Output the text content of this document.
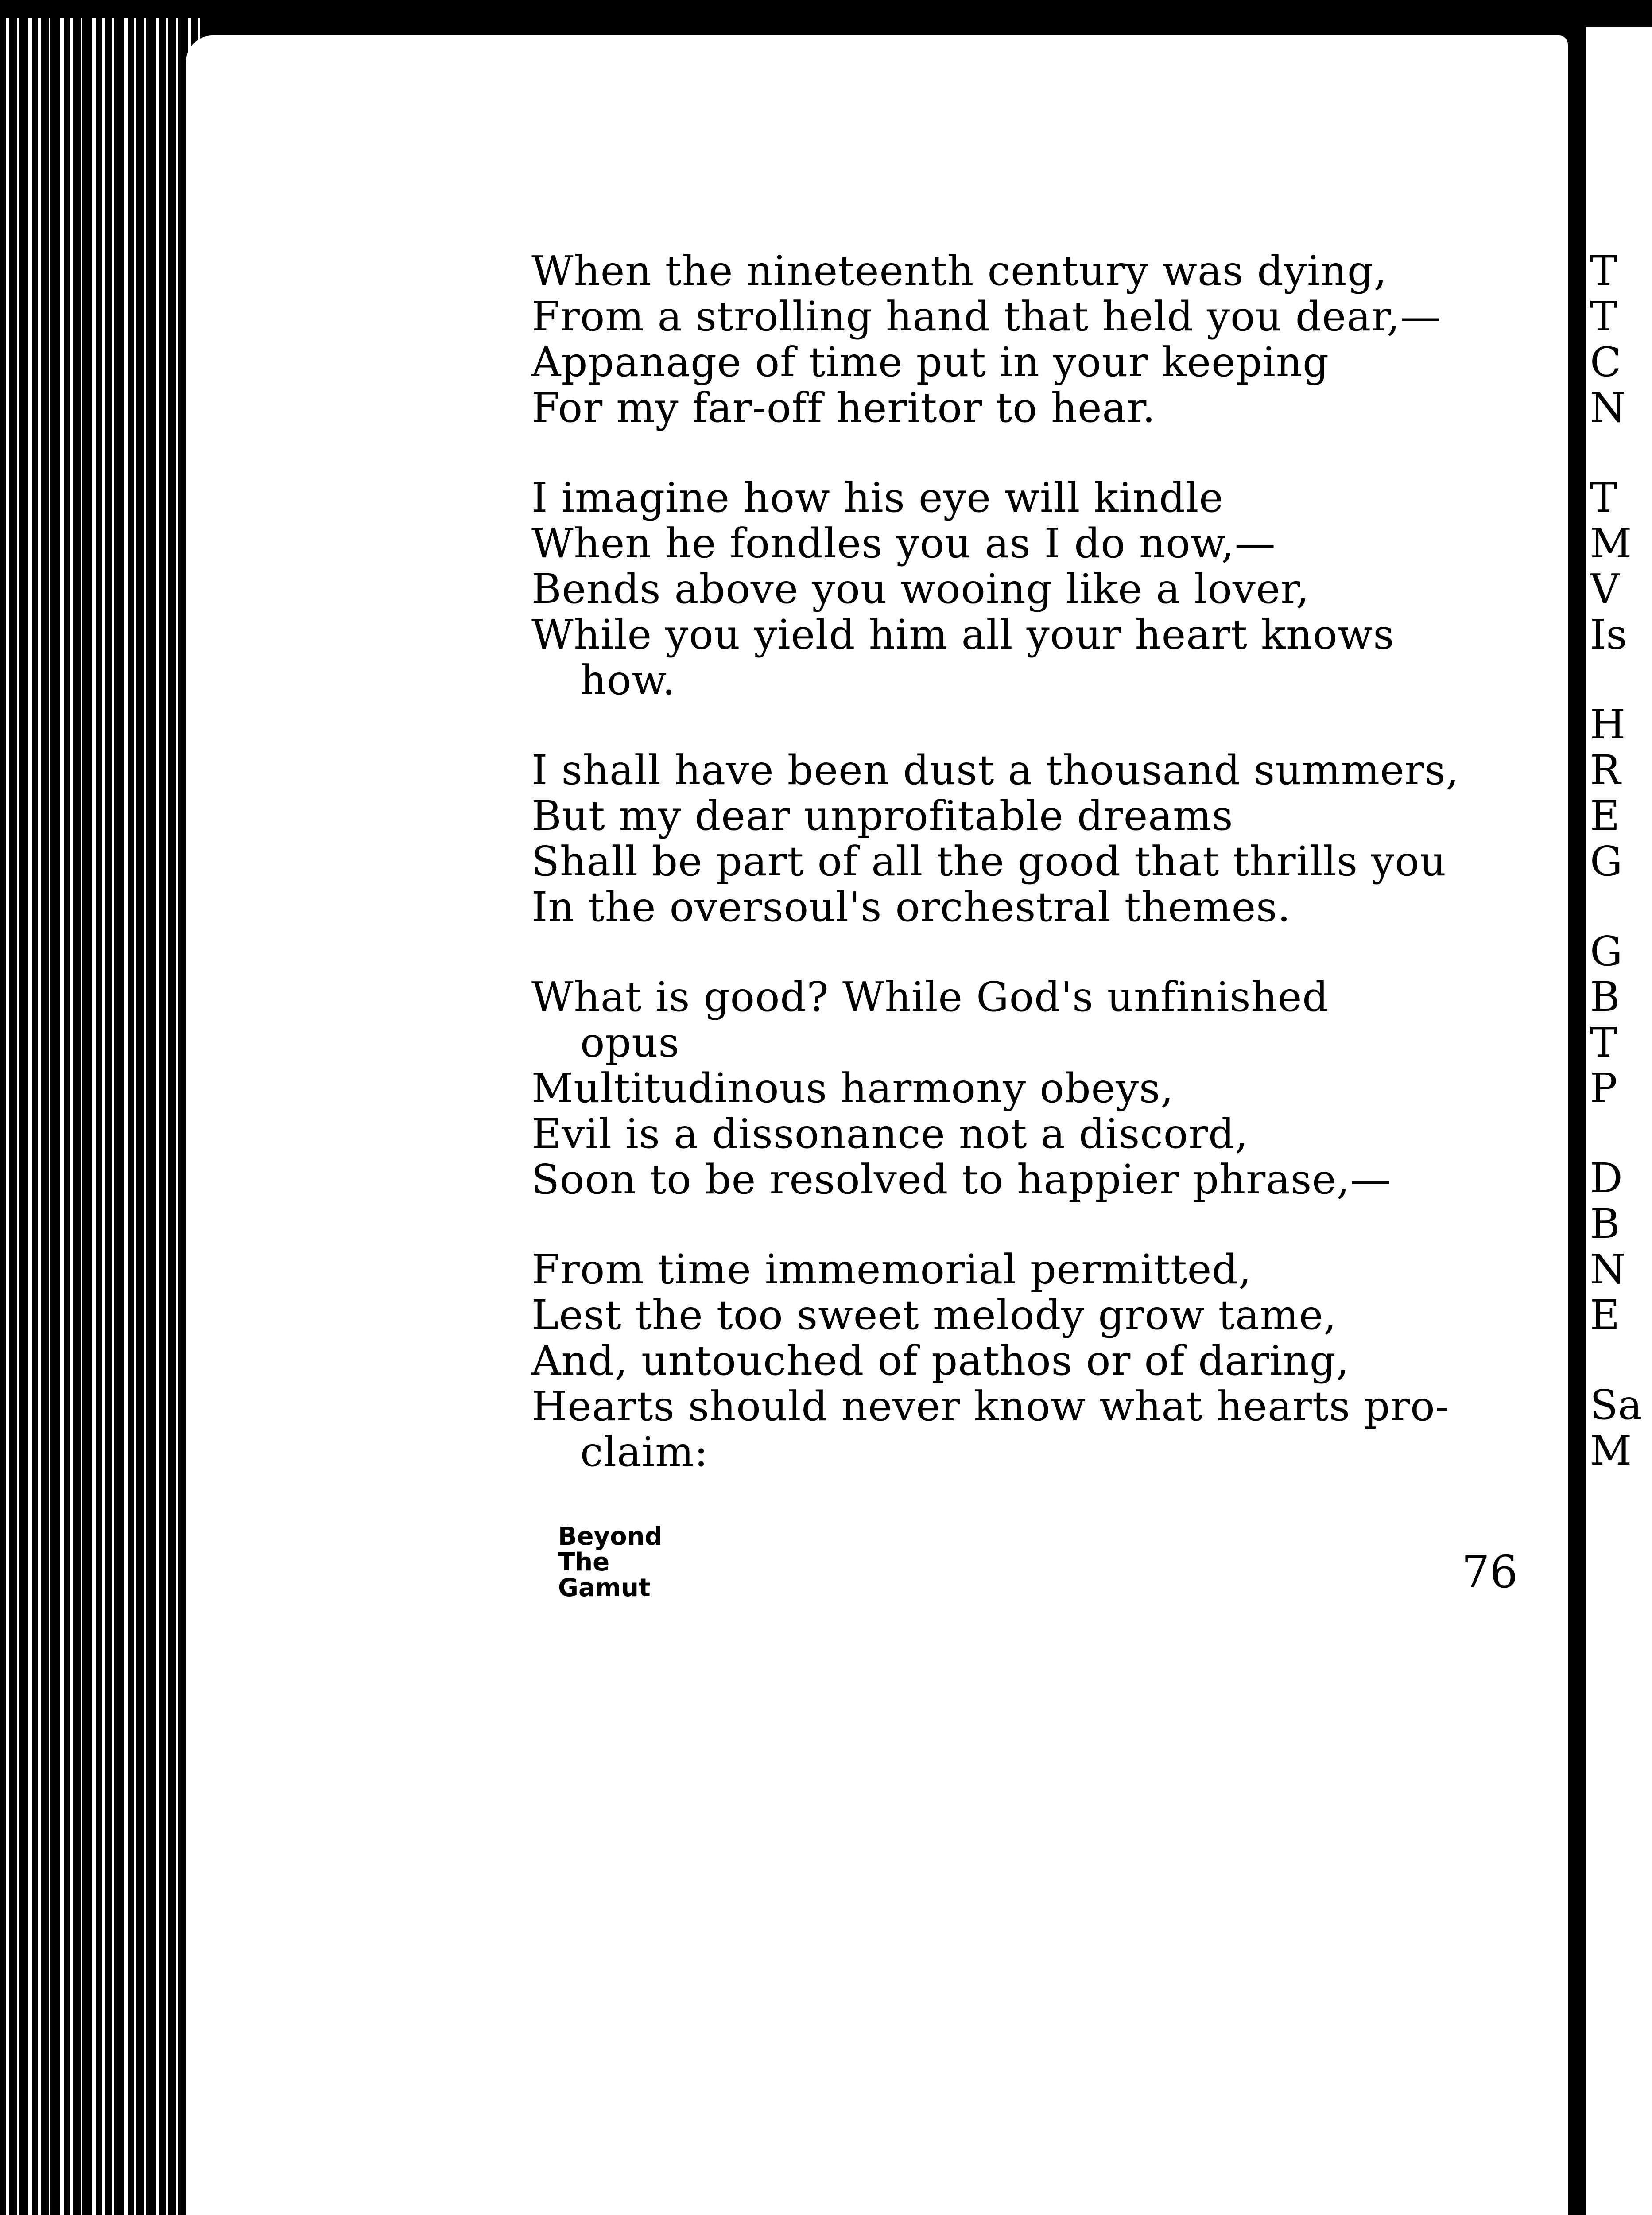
When the nineteenth century was dying,
From a strolling hand that held you dear,—
Appanage of time put in your keeping
For my far-off heritor to hear.
I imagine how his eye will kindle
When he fondles you as I do now,—
Bends above you wooing like a lover,
While you yield him all your heart knows
how.
I shall have been dust a thousand summers,
But my dear unprofitable dreams
Shall be part of all the good that thrills you
In the oversoul's orchestral themes.
What is good? While God's unfinished
opus
Multitudinous harmony obeys,
Evil is a dissonance not a discord,
Soon to be resolved to happier phrase,—
From time immemorial permitted,
Lest the too sweet melody grow tame,
And, untouched of pathos or of daring,
Hearts should never know what hearts pro-
claim:
Beyond
The
Gamut	76
T
T
C
N
T
M
V
Is
H
R
E
G
G
B
T
P
D
B
N
E
Sa
M
